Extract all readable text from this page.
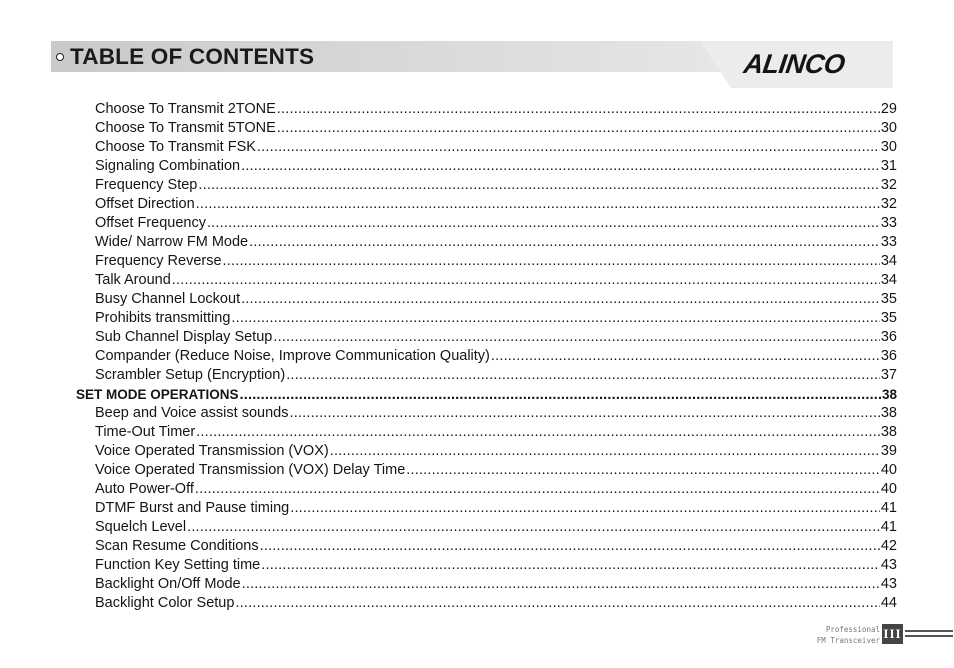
TABLE OF CONTENTS	ALINCO
Choose To Transmit 2TONE .....	29
Choose To Transmit 5TONE .....	30
Choose To Transmit FSK .....	30
Signaling Combination .....	31
Frequency Step .....	32
Offset Direction .....	32
Offset Frequency .....	33
Wide/ Narrow FM Mode .....	33
Frequency Reverse .....	34
Talk Around .....	34
Busy Channel Lockout .....	35
Prohibits transmitting .....	35
Sub Channel Display Setup .....	36
Compander (Reduce Noise, Improve Communication Quality) .....	36
Scrambler Setup (Encryption) .....	37
SET MODE OPERATIONS .....	38
Beep and Voice assist sounds .....	38
Time-Out Timer .....	38
Voice Operated Transmission (VOX) .....	39
Voice Operated Transmission (VOX) Delay Time .....	40
Auto Power-Off .....	40
DTMF Burst and Pause timing .....	41
Squelch Level .....	41
Scan Resume Conditions .....	42
Function Key Setting time .....	43
Backlight On/Off Mode .....	43
Backlight Color Setup .....	44
Professional
FM Transceiver III
